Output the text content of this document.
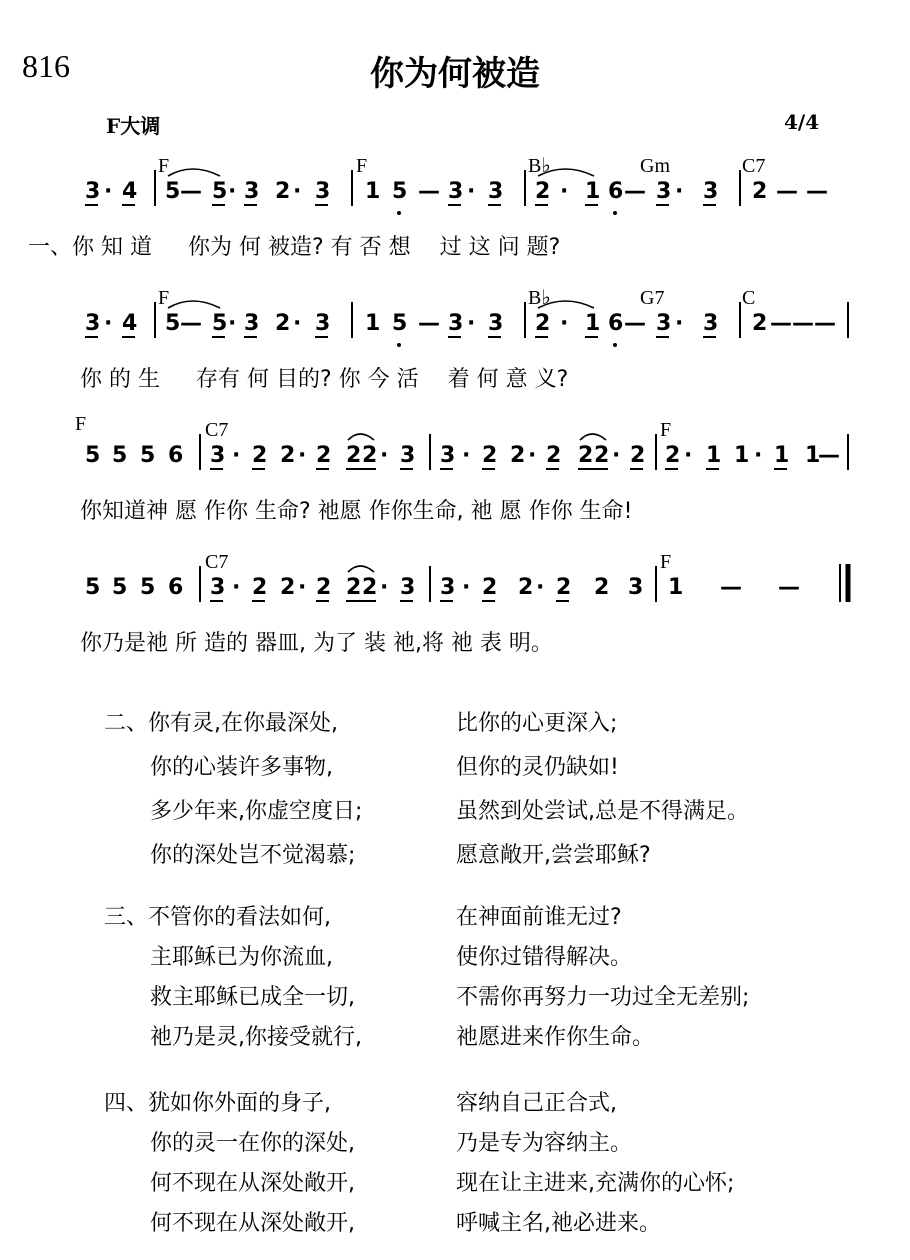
816	你为何被造
F大调	4/4
3 · 4 5 — 5 · 3 2 · 3 1 5 — 3 · 3 2 · 1 6 — 3 · 3 2 — —
F	F	B♭	Gm	C7
一、你 知 道 　 你为 何 被造? 有 否 想 　过 这 问 题?
3 · 4 5 — 5 · 3 2 · 3 1 5 — 3 · 3 2 · 1 6 — 3 · 3 2 — — —
F	B♭	G7	C
你 的 生 　 存有 何 目的? 你 今 活 　着 何 意 义?
5 5 5 6 3 · 2 2 · 2 2 2 · 3 3 · 2 2 · 2 2 2 · 2 2 · 1 1 · 1 1
—
F	C7	F
你知道神 愿 作你 生命? 祂愿 作你生命, 祂 愿 作你 生命!
5 5 5 6 3 · 2 2 · 2 2 2 · 3 3 · 2 2 · 2 2 3 1 — —
C7	F
你乃是祂 所 造的 器皿, 为了 装 祂,将 祂 表 明。
二、你有灵,在你最深处,	比你的心更深入;
你的心装许多事物,	但你的灵仍缺如!
多少年来,你虚空度日;	虽然到处尝试,总是不得满足。
你的深处岂不觉渴慕;	愿意敞开,尝尝耶稣?
三、不管你的看法如何,	在神面前谁无过?
主耶稣已为你流血,	使你过错得解决。
救主耶稣已成全一切,	不需你再努力一功过全无差别;
祂乃是灵,你接受就行,	祂愿进来作你生命。
四、犹如你外面的身子,	容纳自己正合式,
你的灵一在你的深处,	乃是专为容纳主。
何不现在从深处敞开,	现在让主进来,充满你的心怀;
何不现在从深处敞开,	呼喊主名,祂必进来。
